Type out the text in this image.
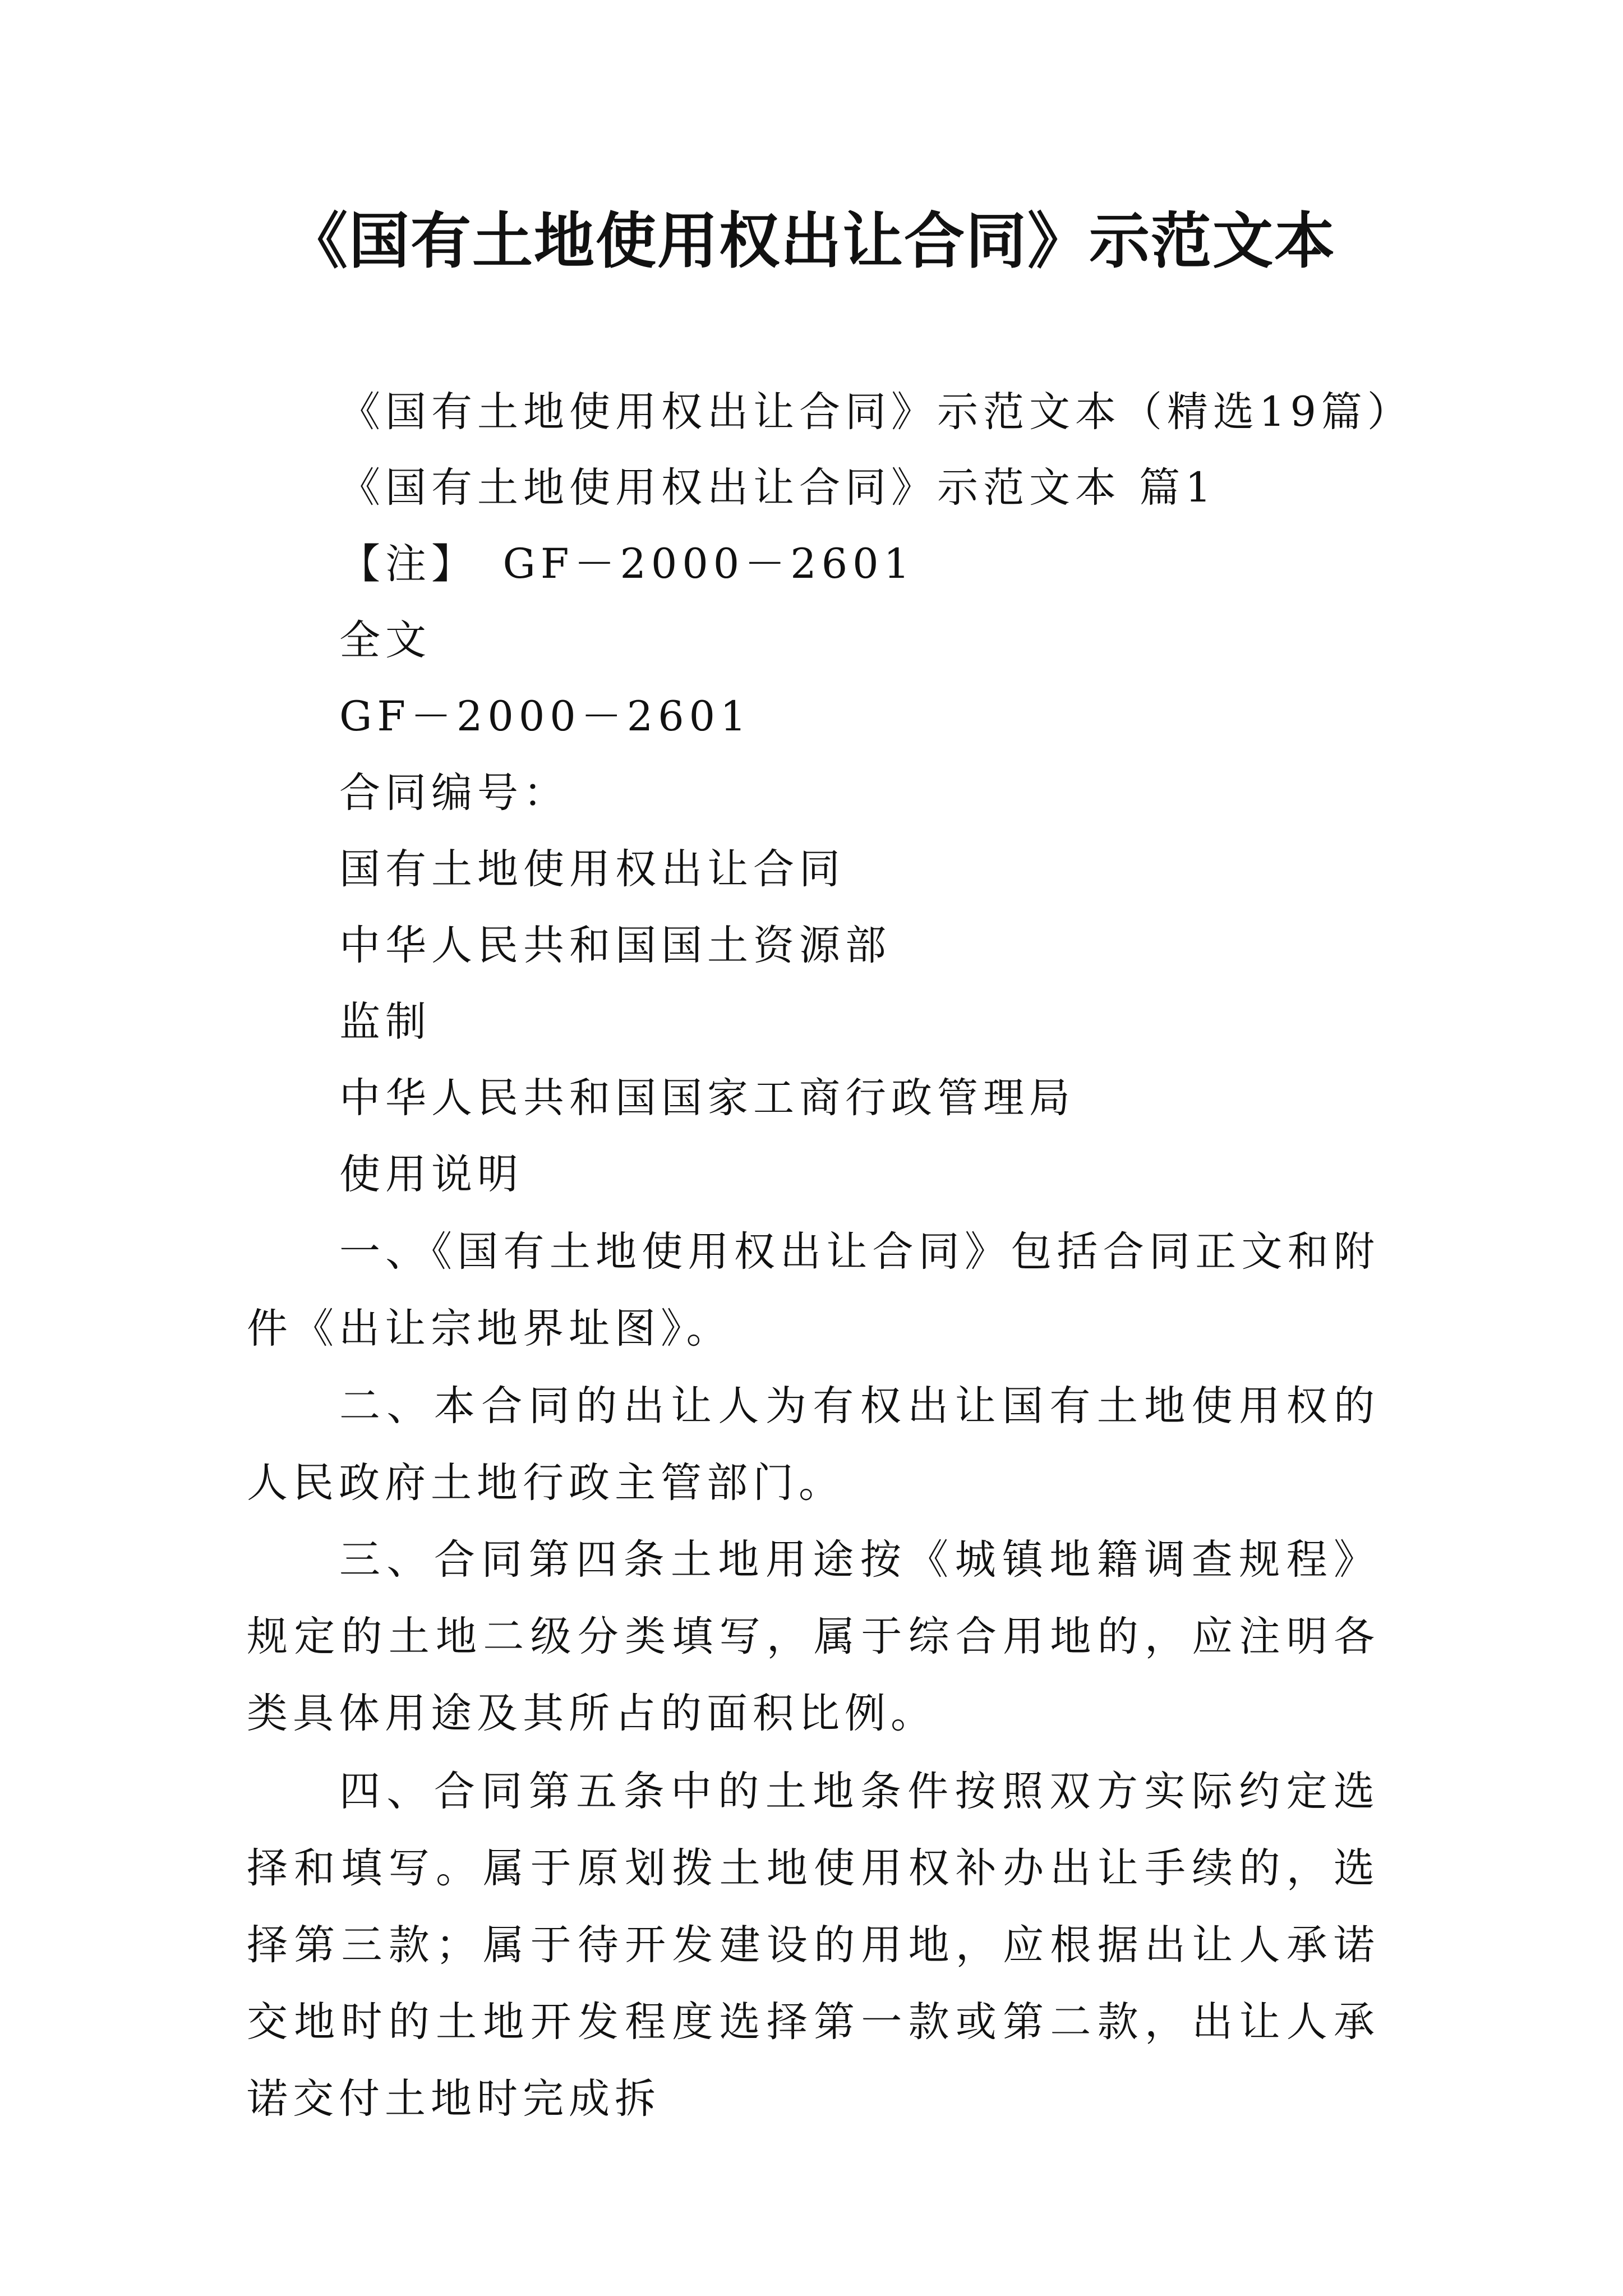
《国有土地使用权出让合同》示范文本
《国有土地使用权出让合同》示范文本（精选19篇）
《国有土地使用权出让合同》示范文本 篇1
【注】　GF－2000－2601
全文
GF－2000－2601
合同编号：
国有土地使用权出让合同
中华人民共和国国土资源部
监制
中华人民共和国国家工商行政管理局
使用说明
一、《国有土地使用权出让合同》包括合同正文和附件《出让宗地界址图》。
二、本合同的出让人为有权出让国有土地使用权的人民政府土地行政主管部门。
三、合同第四条土地用途按《城镇地籍调查规程》规定的土地二级分类填写，属于综合用地的，应注明各类具体用途及其所占的面积比例。
四、合同第五条中的土地条件按照双方实际约定选择和填写。属于原划拨土地使用权补办出让手续的，选择第三款；属于待开发建设的用地，应根据出让人承诺交地时的土地开发程度选择第一款或第二款，出让人承诺交付土地时完成拆
